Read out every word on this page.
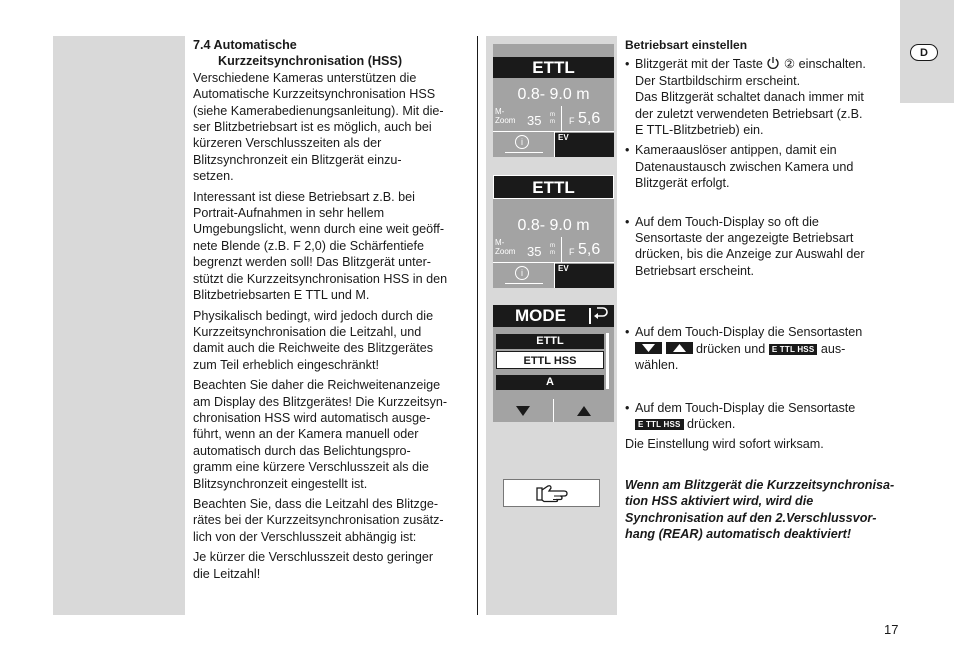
D
7.4 Automatische
Kurzzeitsynchronisation (HSS)

Verschiedene Kameras unterstützen die
Automatische Kurzzeitsynchronisation HSS
(siehe Kamerabedienungsanleitung). Mit die-
ser Blitzbetriebsart ist es möglich, auch bei
kürzeren Verschlusszeiten als der
Blitzsynchronzeit ein Blitzgerät einzu-
setzen.

Interessant ist diese Betriebsart z.B. bei
Portrait-Aufnahmen in sehr hellem
Umgebungslicht, wenn durch eine weit geöff-
nete Blende (z.B. F 2,0) die Schärfentiefe
begrenzt werden soll! Das Blitzgerät unter-
stützt die Kurzzeitsynchronisation HSS in den
Blitzbetriebsarten E TTL und M.

Physikalisch bedingt, wird jedoch durch die
Kurzzeitsynchronisation die Leitzahl, und
damit auch die Reichweite des Blitzgerätes
zum Teil erheblich eingeschränkt!

Beachten Sie daher die Reichweitenanzeige
am Display des Blitzgerätes! Die Kurzzeitsyn-
chronisation HSS wird automatisch ausge-
führt, wenn an der Kamera manuell oder
automatisch durch das Belichtungspro-
gramm eine kürzere Verschlusszeit als die
Blitzsynchronzeit eingestellt ist.

Beachten Sie, dass die Leitzahl des Blitzge-
rätes bei der Kurzzeitsynchronisation zusätz-
lich von der Verschlusszeit abhängig ist:

Je kürzer die Verschlusszeit desto geringer
die Leitzahl!

ETTL
0.8- 9.0 m
M-
Zoom 35 m
m F 5,6
i	EV
ETTL
0.8- 9.0 m
M-
Zoom 35 m
m F 5,6
i	EV
MODE
ETTL
ETTL HSS
A
Betriebsart einstellen
• Blitzgerät mit der Taste ② einschalten.
Der Startbildschirm erscheint.
Das Blitzgerät schaltet danach immer mit
der zuletzt verwendeten Betriebsart (z.B.
E TTL-Blitzbetrieb) ein.
• Kameraauslöser antippen, damit ein
Datenaustausch zwischen Kamera und
Blitzgerät erfolgt.
• Auf dem Touch-Display so oft die
Sensortaste der angezeigte Betriebsart
drücken, bis die Anzeige zur Auswahl der
Betriebsart erscheint.
• Auf dem Touch-Display die Sensortasten

drücken und E TTL HSS aus-
wählen.
• Auf dem Touch-Display die Sensortaste
E TTL HSS drücken.
Die Einstellung wird sofort wirksam.
Wenn am Blitzgerät die Kurzzeitsynchronisa-
tion HSS aktiviert wird, wird die
Synchronisation auf den 2.Verschlussvor-
hang (REAR) automatisch deaktiviert!
17
